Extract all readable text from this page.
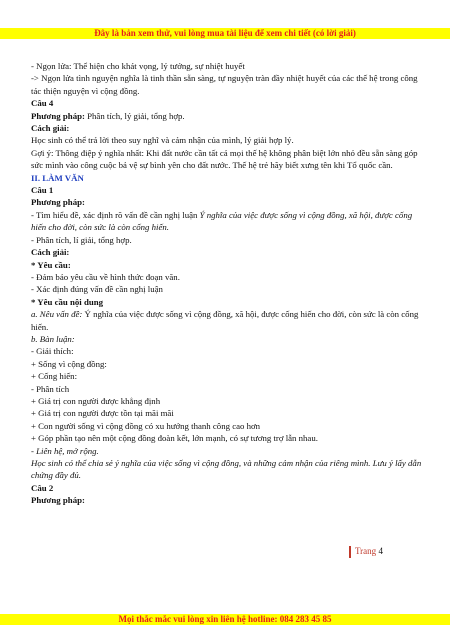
Đây là bản xem thử, vui lòng mua tài liệu để xem chi tiết (có lời giải)

- Ngọn lửa: Thể hiện cho khát vọng, lý tưởng, sự nhiệt huyết

-> Ngọn lửa tình nguyện nghĩa là tinh thần sẵn sàng, tự nguyện tràn đầy nhiệt huyết của các thế hệ trong công tác thiện nguyện vì cộng đồng.

Câu 4

Phương pháp: Phân tích, lý giải, tổng hợp.

Cách giải:

Học sinh có thể trả lời theo suy nghĩ và cảm nhận của mình, lý giải hợp lý.

Gợi ý: Thông điệp ý nghĩa nhất: Khi đất nước cần tất cả mọi thế hệ không phân biệt lớn nhỏ đều sẵn sàng góp sức mình vào công cuộc bả vệ sự bình yên cho đất nước. Thế hệ trẻ hãy biết xưng tên khi Tổ quốc cần.

II. LÀM VĂN

Câu 1

Phương pháp:

- Tìm hiểu đề, xác định rõ vấn đề cần nghị luận Ý nghĩa của việc được sống vì cộng đồng, xã hội, được cống hiến cho đời, còn sức là còn cống hiến.

- Phân tích, lí giải, tổng hợp.

Cách giải:

* Yêu cầu:

- Đảm bảo yêu cầu về hình thức đoạn văn.

- Xác định đúng vấn đề cần nghị luận

* Yêu cầu nội dung

a. Nêu vấn đề: Ý nghĩa của việc được sống vì cộng đồng, xã hội, được cống hiến cho đời, còn sức là còn cống hiến.

b. Bàn luận:

- Giải thích:

+ Sống vì cộng đồng:

+ Cống hiến:

- Phân tích

+ Giá trị con người được khẳng định

+ Giá trị con người được tồn tại mãi mãi

+ Con người sống vì cộng đồng có xu hướng thanh công cao hơn

+ Góp phần tạo nên một cộng đồng đoàn kết, lớn mạnh, có sự tương trợ lẫn nhau.

- Liên hệ, mở rộng.

Học sinh có thể chia sẻ ý nghĩa của việc sống vì cộng đồng, và những cảm nhận của riêng mình. Lưu ý lấy dẫn chứng đầy đủ.

Câu 2

Phương pháp:

Trang 4
Mọi thắc mắc vui lòng xin liên hệ hotline: 084 283 45 85
